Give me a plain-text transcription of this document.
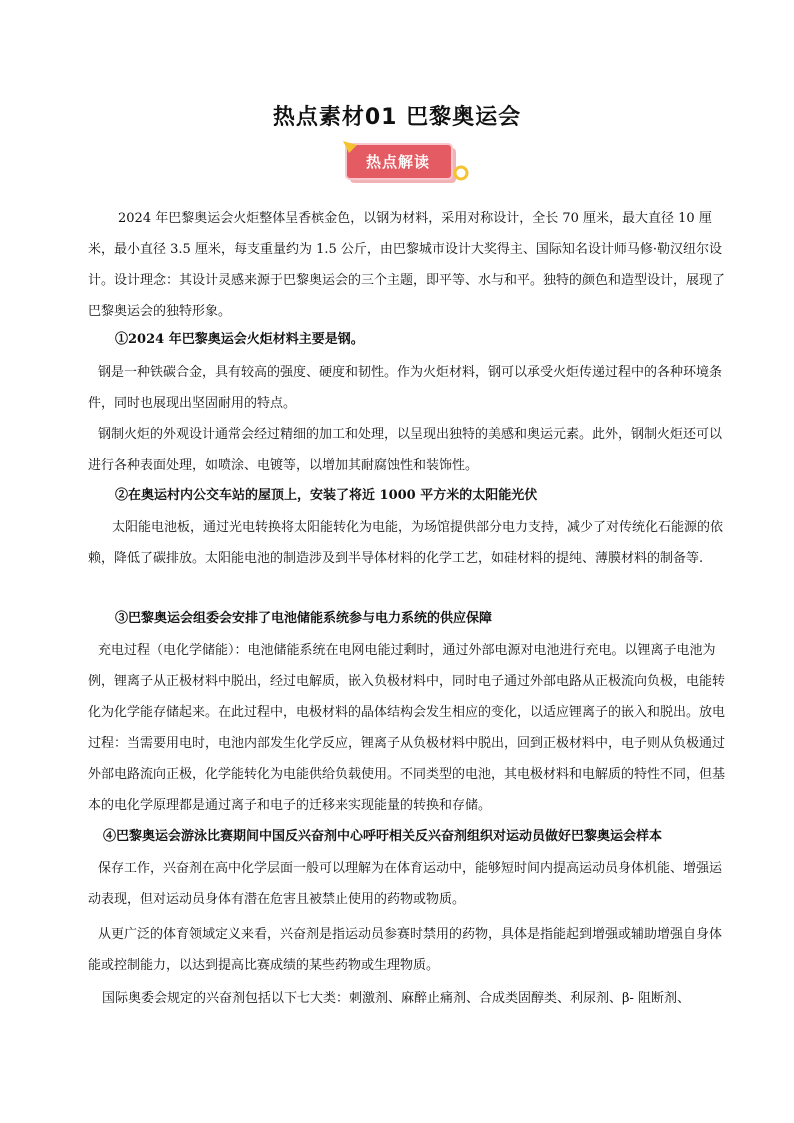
热点素材01 巴黎奥运会
热点解读

2024 年巴黎奥运会火炬整体呈香槟金色，以钢为材料，采用对称设计，全长 70 厘米，最大直径 10 厘米，最小直径 3.5 厘米，每支重量约为 1.5 公斤，由巴黎城市设计大奖得主、国际知名设计师马修·勒汉纽尔设计。设计理念：其设计灵感来源于巴黎奥运会的三个主题，即平等、水与和平。独特的颜色和造型设计，展现了巴黎奥运会的独特形象。

①2024 年巴黎奥运会火炬材料主要是钢。

钢是一种铁碳合金，具有较高的强度、硬度和韧性。作为火炬材料，钢可以承受火炬传递过程中的各种环境条件，同时也展现出坚固耐用的特点。

钢制火炬的外观设计通常会经过精细的加工和处理，以呈现出独特的美感和奥运元素。此外，钢制火炬还可以进行各种表面处理，如喷涂、电镀等，以增加其耐腐蚀性和装饰性。

②在奥运村内公交车站的屋顶上，安装了将近 1000 平方米的太阳能光伏

太阳能电池板，通过光电转换将太阳能转化为电能，为场馆提供部分电力支持，减少了对传统化石能源的依赖，降低了碳排放。太阳能电池的制造涉及到半导体材料的化学工艺，如硅材料的提纯、薄膜材料的制备等.

③巴黎奥运会组委会安排了电池储能系统参与电力系统的供应保障

充电过程（电化学储能）：电池储能系统在电网电能过剩时，通过外部电源对电池进行充电。以锂离子电池为例，锂离子从正极材料中脱出，经过电解质，嵌入负极材料中，同时电子通过外部电路从正极流向负极，电能转化为化学能存储起来。在此过程中，电极材料的晶体结构会发生相应的变化，以适应锂离子的嵌入和脱出。放电过程：当需要用电时，电池内部发生化学反应，锂离子从负极材料中脱出，回到正极材料中，电子则从负极通过外部电路流向正极，化学能转化为电能供给负载使用。不同类型的电池，其电极材料和电解质的特性不同，但基本的电化学原理都是通过离子和电子的迁移来实现能量的转换和存储。

④巴黎奥运会游泳比赛期间中国反兴奋剂中心呼吁相关反兴奋剂组织对运动员做好巴黎奥运会样本

保存工作，兴奋剂在高中化学层面一般可以理解为在体育运动中，能够短时间内提高运动员身体机能、增强运动表现，但对运动员身体有潜在危害且被禁止使用的药物或物质。

从更广泛的体育领域定义来看，兴奋剂是指运动员参赛时禁用的药物，具体是指能起到增强或辅助增强自身体能或控制能力，以达到提高比赛成绩的某些药物或生理物质。

国际奥委会规定的兴奋剂包括以下七大类：刺激剂、麻醉止痛剂、合成类固醇类、利尿剂、β- 阻断剂、
